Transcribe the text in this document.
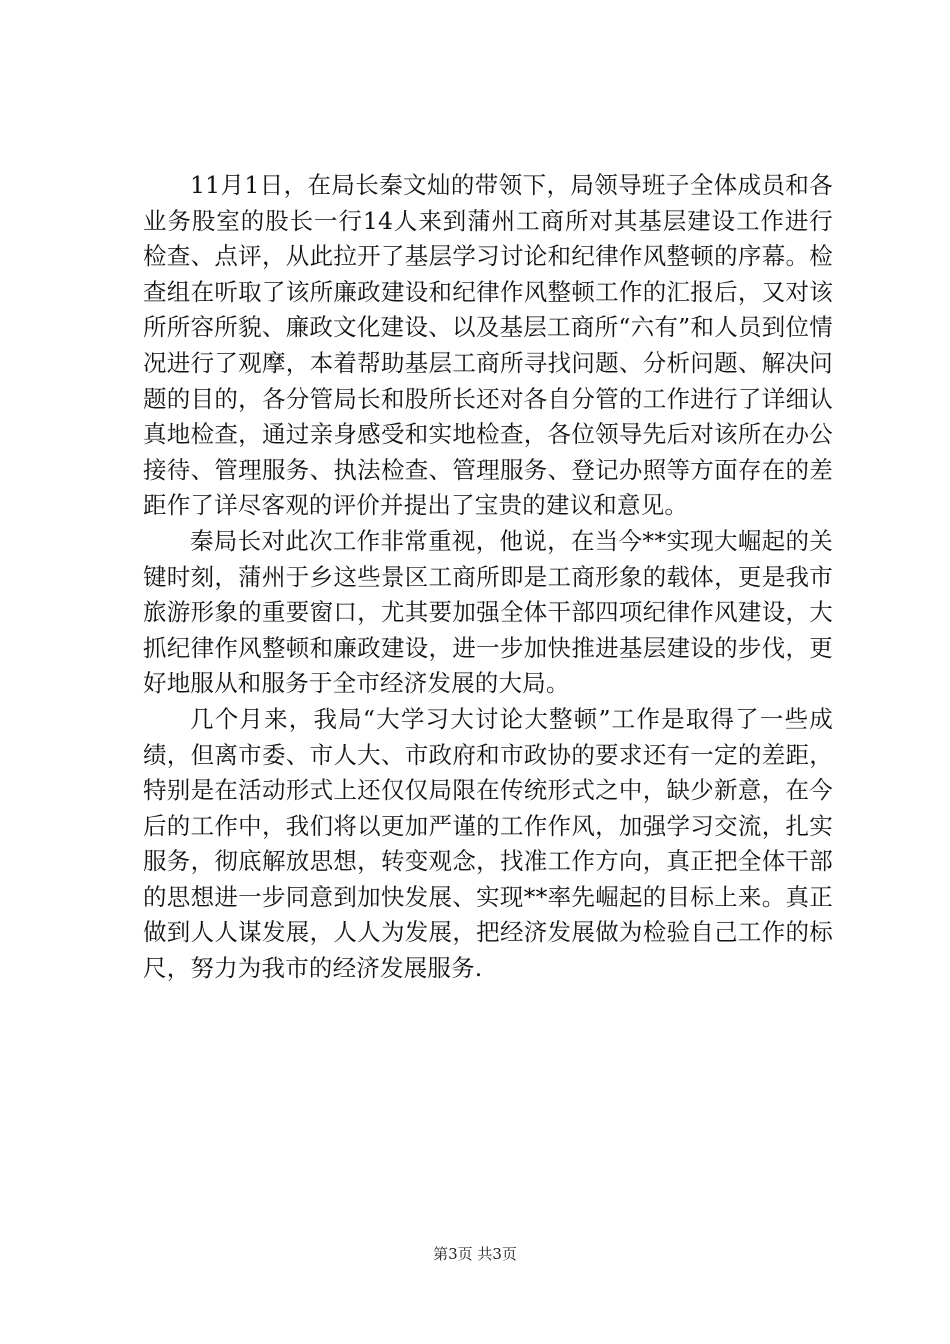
11月1日，在局长秦文灿的带领下，局领导班子全体成员和各业务股室的股长一行14人来到蒲州工商所对其基层建设工作进行检查、点评，从此拉开了基层学习讨论和纪律作风整顿的序幕。检查组在听取了该所廉政建设和纪律作风整顿工作的汇报后，又对该所所容所貌、廉政文化建设、以及基层工商所“六有”和人员到位情况进行了观摩，本着帮助基层工商所寻找问题、分析问题、解决问题的目的，各分管局长和股所长还对各自分管的工作进行了详细认真地检查，通过亲身感受和实地检查，各位领导先后对该所在办公接待、管理服务、执法检查、管理服务、登记办照等方面存在的差距作了详尽客观的评价并提出了宝贵的建议和意见。

秦局长对此次工作非常重视，他说，在当今**实现大崛起的关键时刻，蒲州于乡这些景区工商所即是工商形象的载体，更是我市旅游形象的重要窗口，尤其要加强全体干部四项纪律作风建设，大抓纪律作风整顿和廉政建设，进一步加快推进基层建设的步伐，更好地服从和服务于全市经济发展的大局。

几个月来，我局“大学习大讨论大整顿”工作是取得了一些成绩，但离市委、市人大、市政府和市政协的要求还有一定的差距，特别是在活动形式上还仅仅局限在传统形式之中，缺少新意，在今后的工作中，我们将以更加严谨的工作作风，加强学习交流，扎实服务，彻底解放思想，转变观念，找准工作方向，真正把全体干部的思想进一步同意到加快发展、实现**率先崛起的目标上来。真正做到人人谋发展，人人为发展，把经济发展做为检验自己工作的标尺，努力为我市的经济发展服务.

第3页 共3页
